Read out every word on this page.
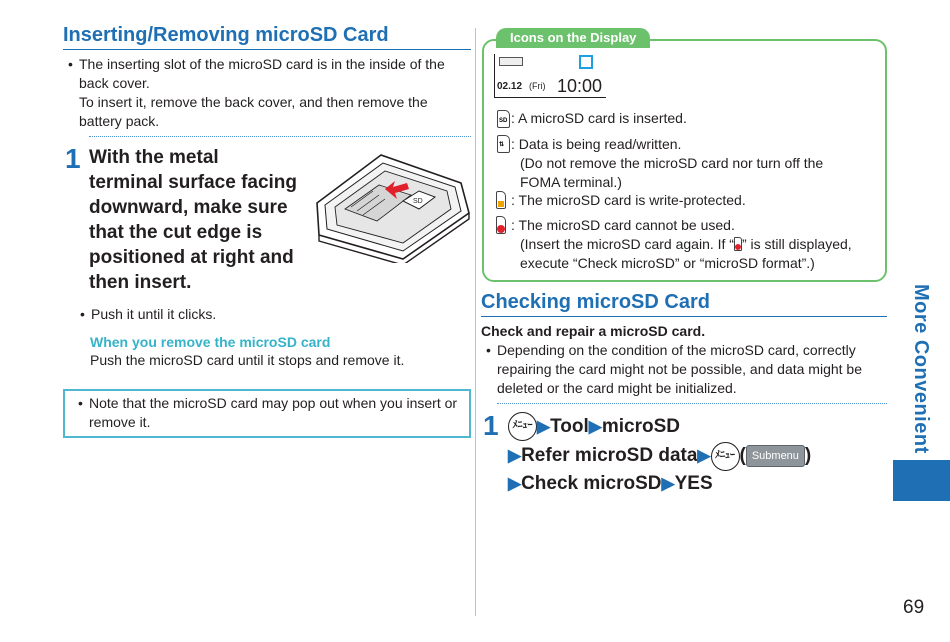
Inserting/Removing microSD Card
• The inserting slot of the microSD card is in the inside of the back cover.
To insert it, remove the back cover, and then remove the battery pack.
1 With the metal
terminal surface facing
downward, make sure
that the cut edge is
positioned at right and
then insert.
SD
• Push it until it clicks.
When you remove the microSD card
Push the microSD card until it stops and remove it.
• Note that the microSD card may pop out when you insert or remove it.
Icons on the Display
02.12 (Fri) 10:00
SD : A microSD card is inserted.
⇅ : Data is being read/written.
(Do not remove the microSD card nor turn off the
FOMA terminal.)
: The microSD card is write-protected.
: The microSD card cannot be used.
(Insert the microSD card again. If “ ” is still displayed,
execute “Check microSD” or “microSD format”.)
Checking microSD Card
Check and repair a microSD card.
• Depending on the condition of the microSD card, correctly repairing the card might not be possible, and data might be deleted or the card might be initialized.
1	ﾒﾆｭｰ ▶Tool▶microSD
▶Refer microSD data▶ ﾒﾆｭｰ ( Submenu )
▶Check microSD▶YES
More Convenient
69
